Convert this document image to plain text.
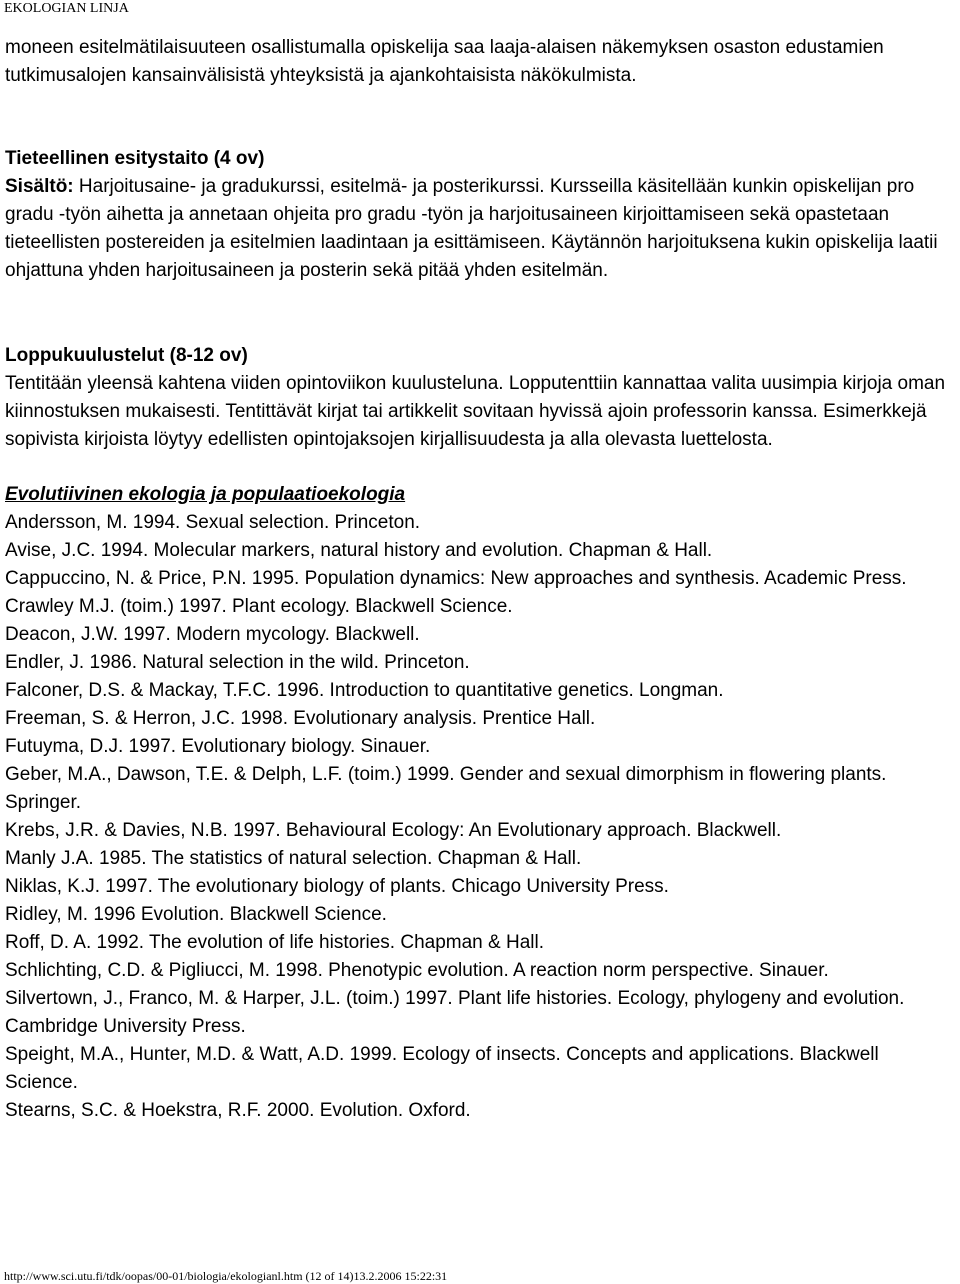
EKOLOGIAN LINJA

moneen esitelmätilaisuuteen osallistumalla opiskelija saa laaja-alaisen näkemyksen osaston edustamien tutkimusalojen kansainvälisistä yhteyksistä ja ajankohtaisista näkökulmista.

Tieteellinen esitystaito (4 ov)

Sisältö: Harjoitusaine- ja gradukurssi, esitelmä- ja posterikurssi. Kursseilla käsitellään kunkin opiskelijan pro gradu -työn aihetta ja annetaan ohjeita pro gradu -työn ja harjoitusaineen kirjoittamiseen sekä opastetaan tieteellisten postereiden ja esitelmien laadintaan ja esittämiseen. Käytännön harjoituksena kukin opiskelija laatii ohjattuna yhden harjoitusaineen ja posterin sekä pitää yhden esitelmän.

Loppukuulustelut (8-12 ov)

Tentitään yleensä kahtena viiden opintoviikon kuulusteluna. Lopputenttiin kannattaa valita uusimpia kirjoja oman kiinnostuksen mukaisesti. Tentittävät kirjat tai artikkelit sovitaan hyvissä ajoin professorin kanssa. Esimerkkejä sopivista kirjoista löytyy edellisten opintojaksojen kirjallisuudesta ja alla olevasta luettelosta.

Evolutiivinen ekologia ja populaatioekologia

Andersson, M. 1994. Sexual selection. Princeton.

Avise, J.C. 1994. Molecular markers, natural history and evolution. Chapman & Hall.

Cappuccino, N. & Price, P.N. 1995. Population dynamics: New approaches and synthesis. Academic Press.

Crawley M.J. (toim.) 1997. Plant ecology. Blackwell Science.

Deacon, J.W. 1997. Modern mycology. Blackwell.

Endler, J. 1986. Natural selection in the wild. Princeton.

Falconer, D.S. & Mackay, T.F.C. 1996. Introduction to quantitative genetics. Longman.

Freeman, S. & Herron, J.C. 1998. Evolutionary analysis. Prentice Hall.

Futuyma, D.J. 1997. Evolutionary biology. Sinauer.

Geber, M.A., Dawson, T.E. & Delph, L.F. (toim.) 1999. Gender and sexual dimorphism in flowering plants. Springer.

Krebs, J.R. & Davies, N.B. 1997. Behavioural Ecology: An Evolutionary approach. Blackwell.

Manly J.A. 1985. The statistics of natural selection. Chapman & Hall.

Niklas, K.J. 1997. The evolutionary biology of plants. Chicago University Press.

Ridley, M. 1996 Evolution. Blackwell Science.

Roff, D. A. 1992. The evolution of life histories. Chapman & Hall.

Schlichting, C.D. & Pigliucci, M. 1998. Phenotypic evolution. A reaction norm perspective. Sinauer.

Silvertown, J., Franco, M. & Harper, J.L. (toim.) 1997. Plant life histories. Ecology, phylogeny and evolution. Cambridge University Press.

Speight, M.A., Hunter, M.D. & Watt, A.D. 1999. Ecology of insects. Concepts and applications. Blackwell Science.

Stearns, S.C. & Hoekstra, R.F. 2000. Evolution. Oxford.

http://www.sci.utu.fi/tdk/oopas/00-01/biologia/ekologianl.htm (12 of 14)13.2.2006 15:22:31
